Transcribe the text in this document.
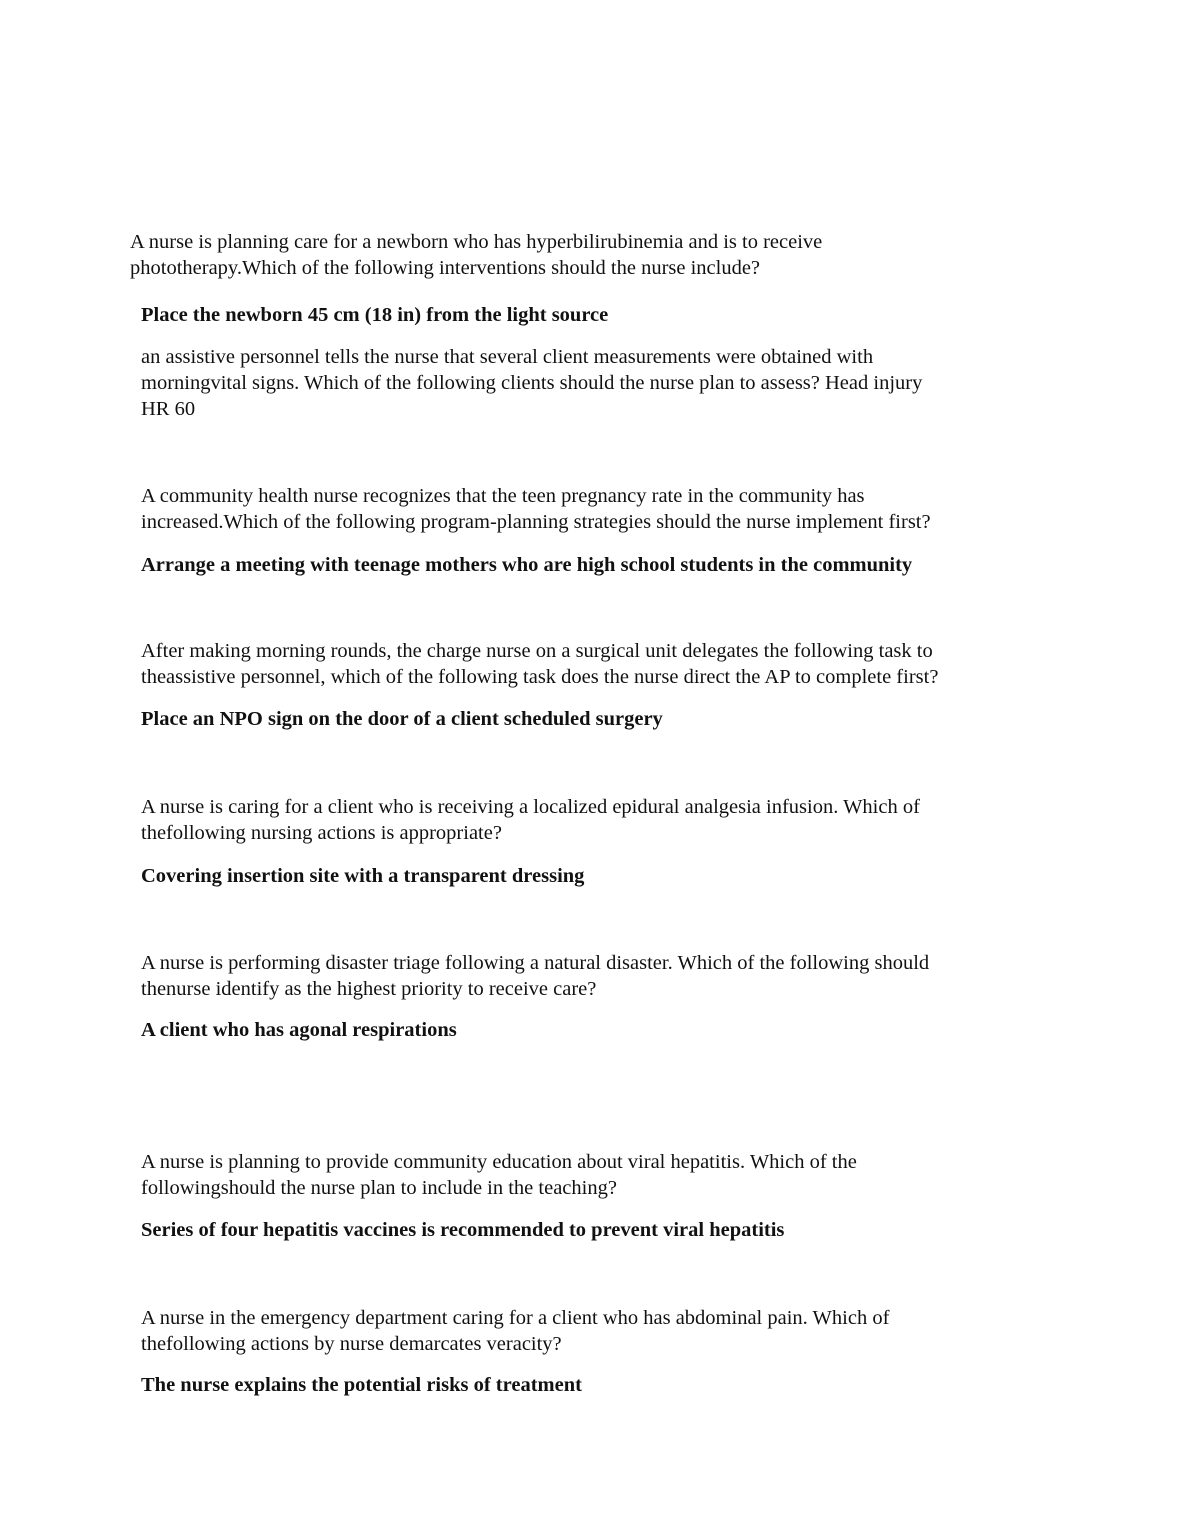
A nurse is planning care for a newborn who has hyperbilirubinemia and is to receive
phototherapy.Which of the following interventions should the nurse include?

Place the newborn 45 cm (18 in) from the light source

an assistive personnel tells the nurse that several client measurements were obtained with
morningvital signs. Which of the following clients should the nurse plan to assess? Head injury
HR 60

A community health nurse recognizes that the teen pregnancy rate in the community has
increased.Which of the following program-planning strategies should the nurse implement first?

Arrange a meeting with teenage mothers who are high school students in the community

After making morning rounds, the charge nurse on a surgical unit delegates the following task to
theassistive personnel, which of the following task does the nurse direct the AP to complete first?

Place an NPO sign on the door of a client scheduled surgery

A nurse is caring for a client who is receiving a localized epidural analgesia infusion. Which of
thefollowing nursing actions is appropriate?

Covering insertion site with a transparent dressing

A nurse is performing disaster triage following a natural disaster. Which of the following should
thenurse identify as the highest priority to receive care?

A client who has agonal respirations

A nurse is planning to provide community education about viral hepatitis. Which of the
followingshould the nurse plan to include in the teaching?

Series of four hepatitis vaccines is recommended to prevent viral hepatitis

A nurse in the emergency department caring for a client who has abdominal pain. Which of
thefollowing actions by nurse demarcates veracity?

The nurse explains the potential risks of treatment
